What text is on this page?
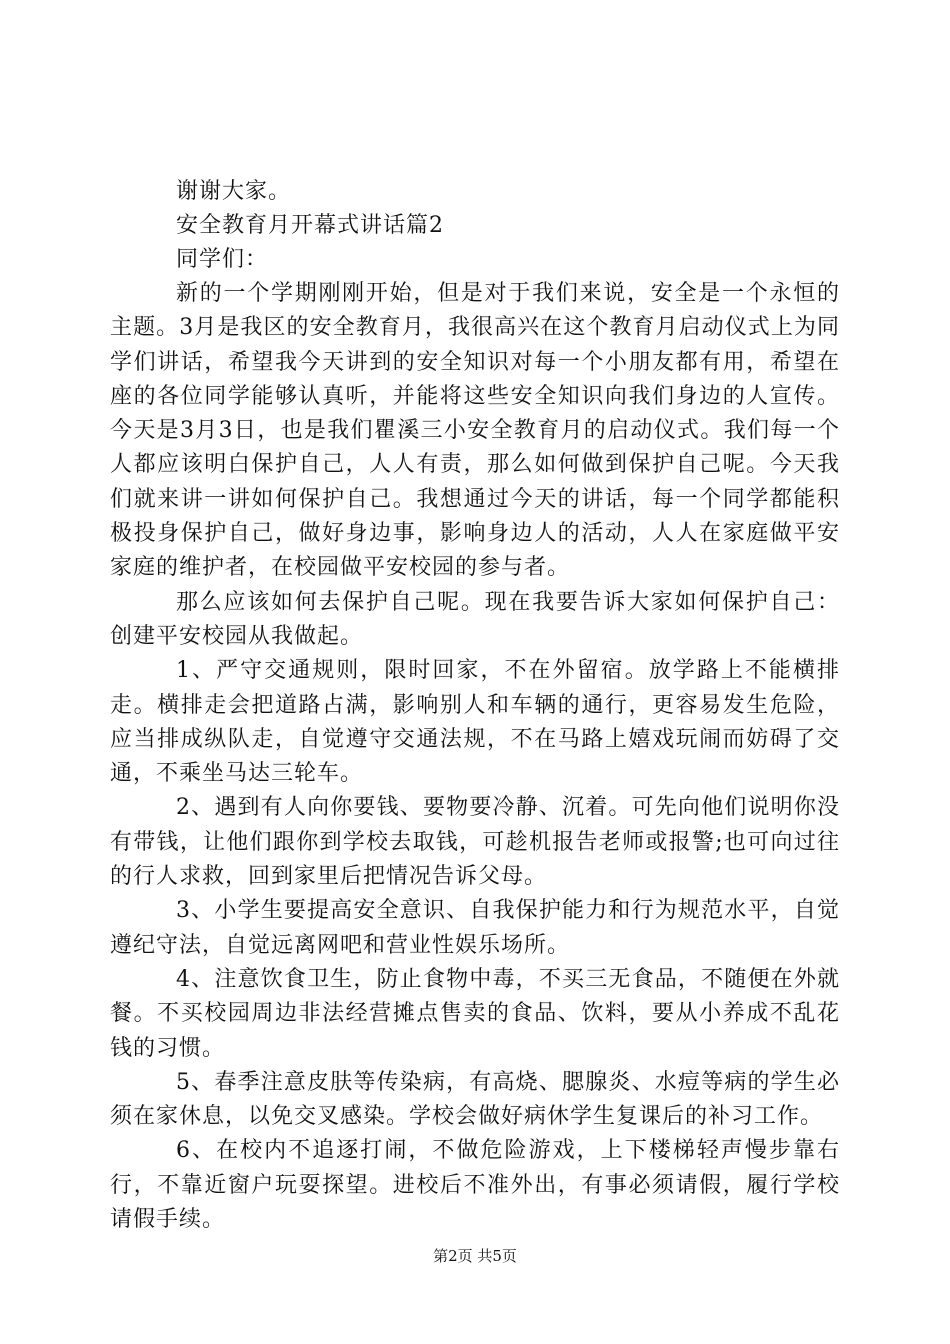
谢谢大家。
安全教育月开幕式讲话篇2
同学们：

新的一个学期刚刚开始，但是对于我们来说，安全是一个永恒的主题。3月是我区的安全教育月，我很高兴在这个教育月启动仪式上为同学们讲话，希望我今天讲到的安全知识对每一个小朋友都有用，希望在座的各位同学能够认真听，并能将这些安全知识向我们身边的人宣传。今天是3月3日，也是我们瞿溪三小安全教育月的启动仪式。我们每一个人都应该明白保护自己，人人有责，那么如何做到保护自己呢。今天我们就来讲一讲如何保护自己。我想通过今天的讲话，每一个同学都能积极投身保护自己，做好身边事，影响身边人的活动，人人在家庭做平安家庭的维护者，在校园做平安校园的参与者。

那么应该如何去保护自己呢。现在我要告诉大家如何保护自己：创建平安校园从我做起。

1、严守交通规则，限时回家，不在外留宿。放学路上不能横排走。横排走会把道路占满，影响别人和车辆的通行，更容易发生危险，应当排成纵队走，自觉遵守交通法规，不在马路上嬉戏玩闹而妨碍了交通，不乘坐马达三轮车。

2、遇到有人向你要钱、要物要冷静、沉着。可先向他们说明你没有带钱，让他们跟你到学校去取钱，可趁机报告老师或报警;也可向过往的行人求救，回到家里后把情况告诉父母。

3、小学生要提高安全意识、自我保护能力和行为规范水平，自觉遵纪守法，自觉远离网吧和营业性娱乐场所。

4、注意饮食卫生，防止食物中毒，不买三无食品，不随便在外就餐。不买校园周边非法经营摊点售卖的食品、饮料，要从小养成不乱花钱的习惯。

5、春季注意皮肤等传染病，有高烧、腮腺炎、水痘等病的学生必须在家休息，以免交叉感染。学校会做好病休学生复课后的补习工作。

6、在校内不追逐打闹，不做危险游戏，上下楼梯轻声慢步靠右行，不靠近窗户玩耍探望。进校后不准外出，有事必须请假，履行学校请假手续。

第2页 共5页
